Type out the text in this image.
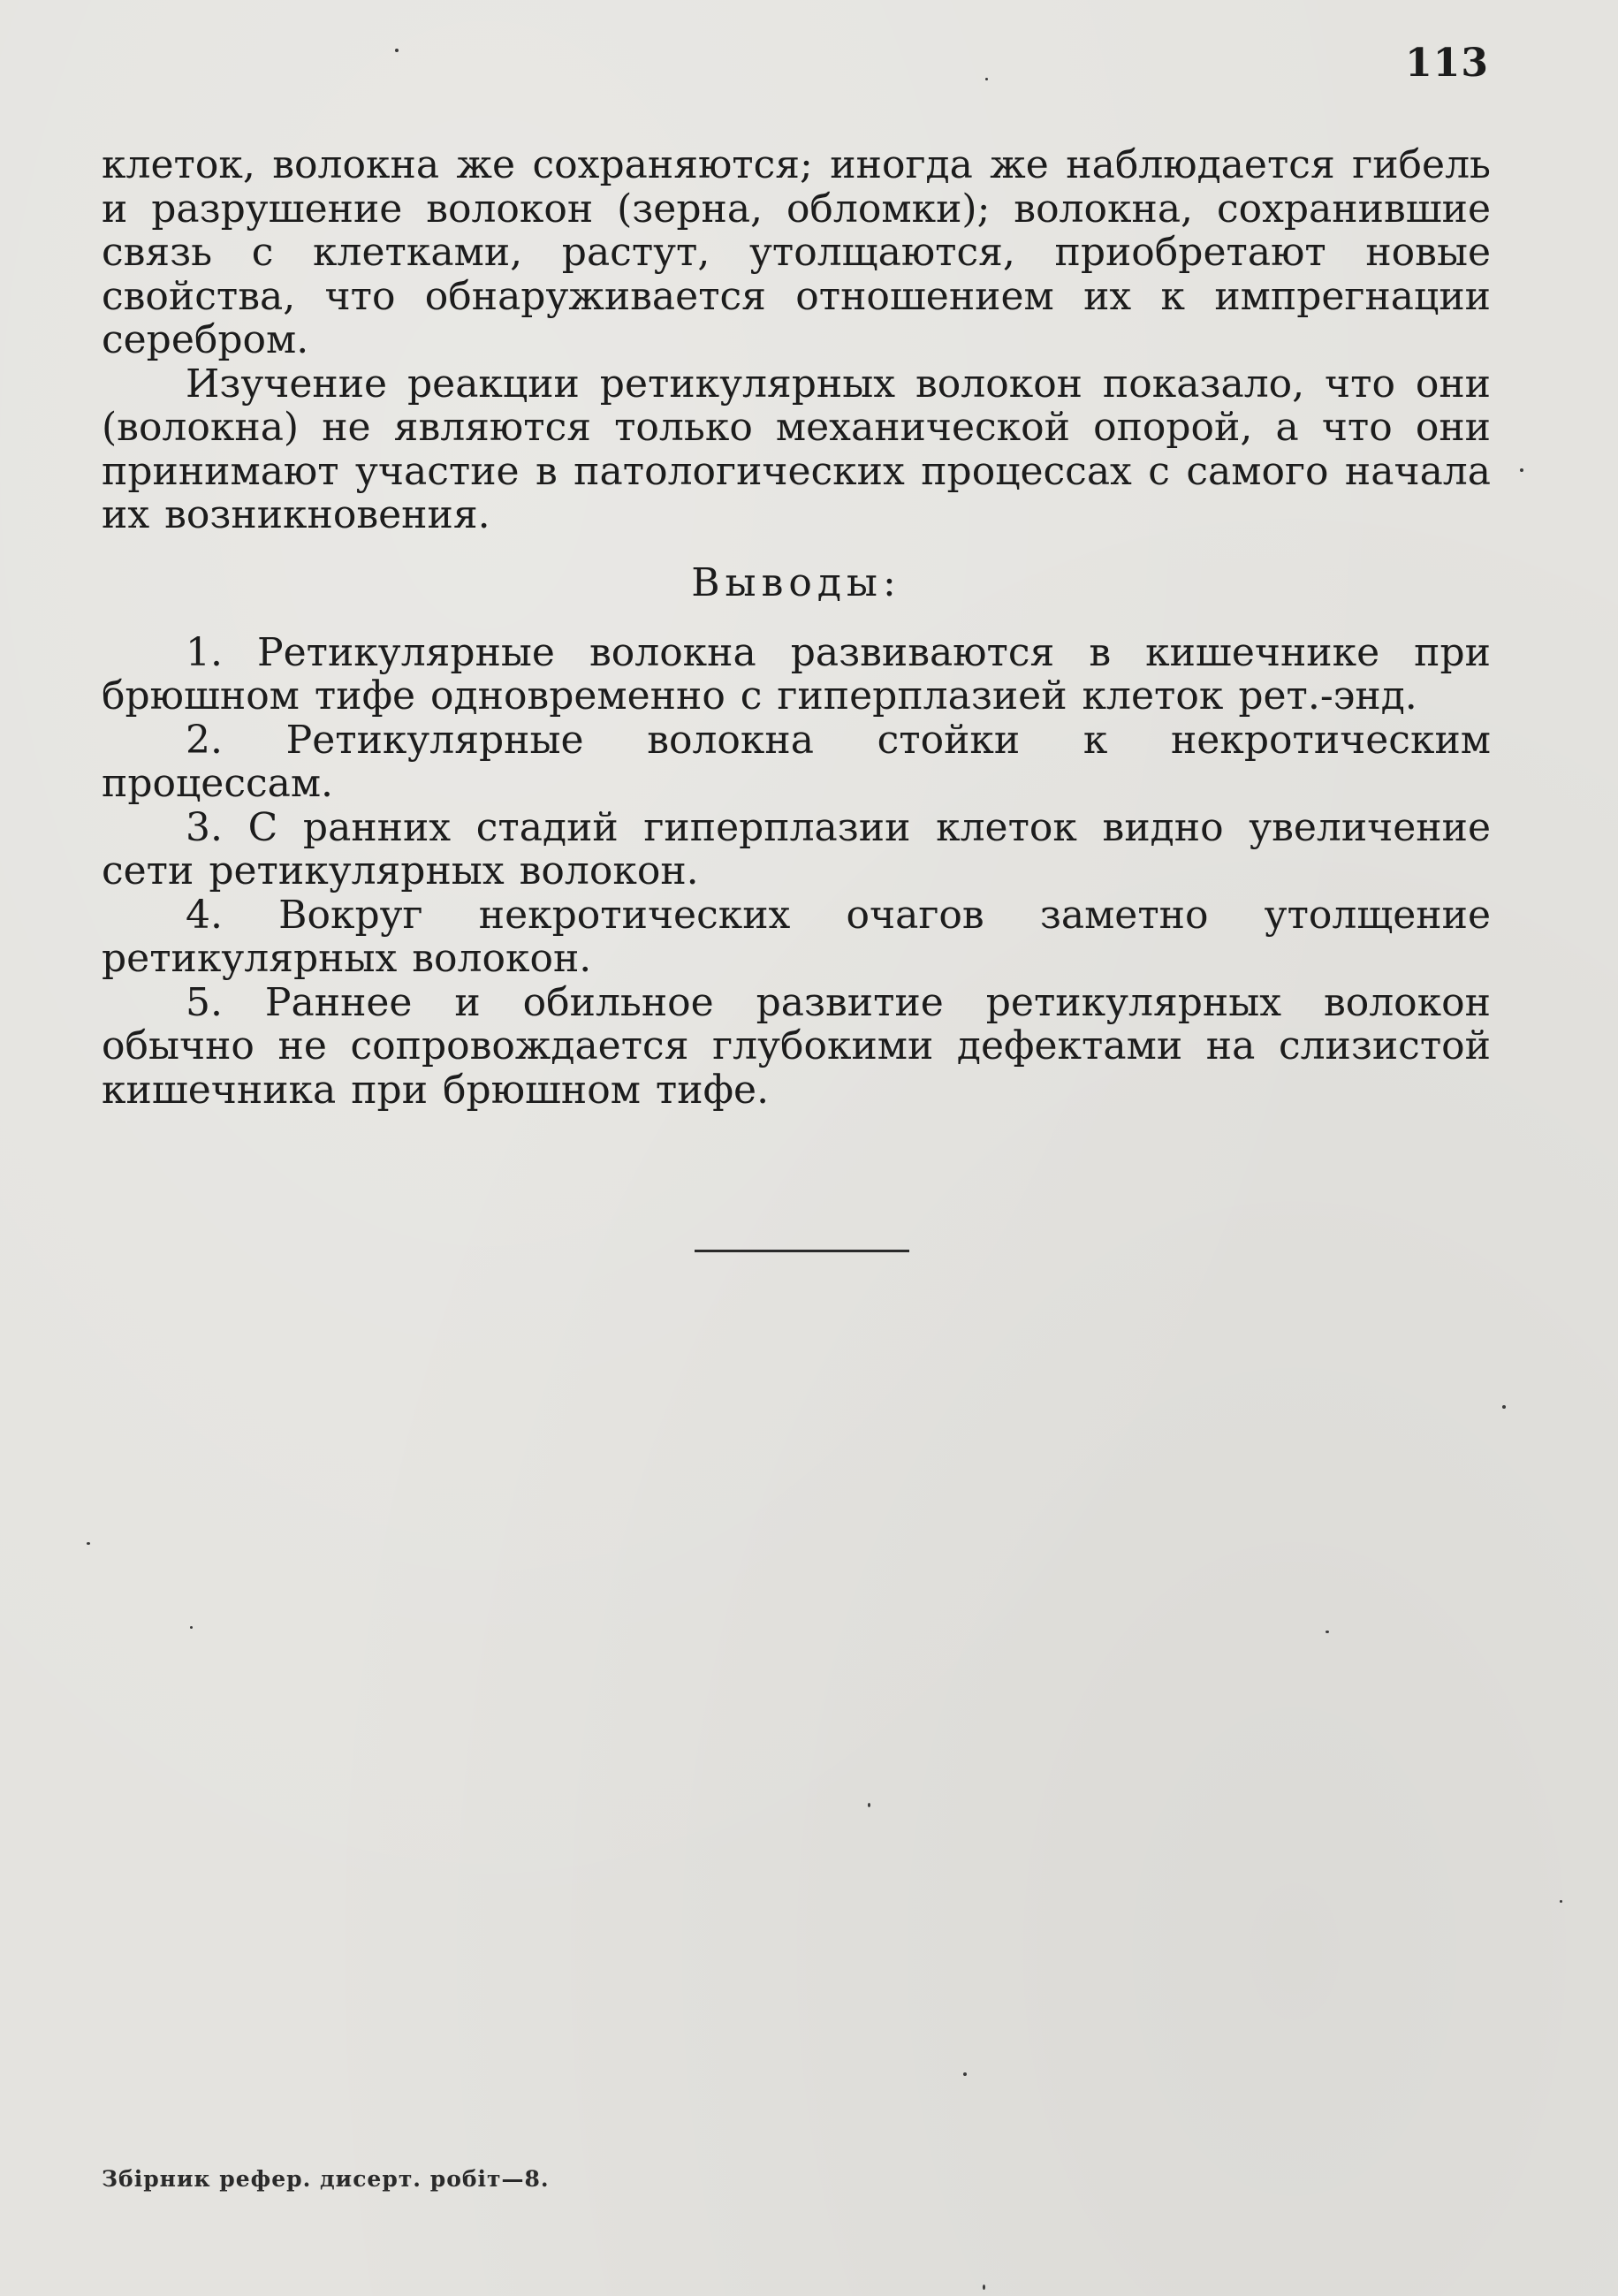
113

клеток, волокна же сохраняются; иногда же наблюдается гибель и разрушение волокон (зерна, обломки); волокна, сохранившие связь с клетками, растут, утолщаются, приобретают новые свойства, что обнаруживается отношением их к импрегнации серебром.

Изучение реакции ретикулярных волокон показало, что они (волокна) не являются только механической опорой, а что они принимают участие в патологических процессах с самого начала их возникновения.

Выводы:

1. Ретикулярные волокна развиваются в кишечнике при брюшном тифе одновременно с гиперплазией клеток рет.-энд.

2. Ретикулярные волокна стойки к некротическим процессам.

3. С ранних стадий гиперплазии клеток видно увеличение сети ретикулярных волокон.

4. Вокруг некротических очагов заметно утолщение ретикулярных волокон.

5. Раннее и обильное развитие ретикулярных волокон обычно не сопровождается глубокими дефектами на слизистой кишечника при брюшном тифе.

Збірник рефер. дисерт. робіт—8.
